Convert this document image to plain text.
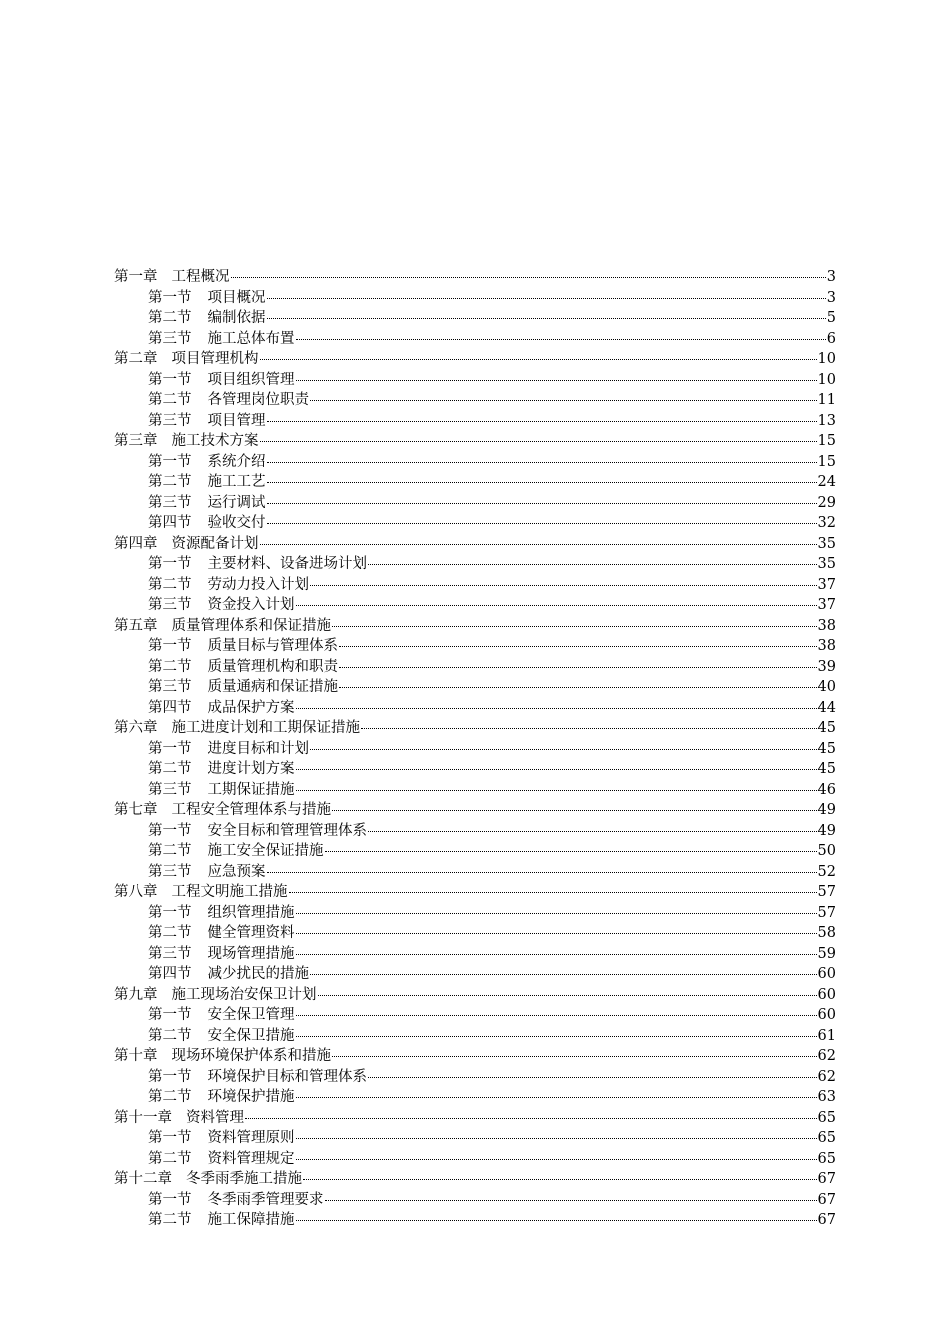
第一章 工程概况	3
第一节 项目概况	3
第二节 编制依据	5
第三节 施工总体布置	6
第二章 项目管理机构	10
第一节 项目组织管理	10
第二节 各管理岗位职责	11
第三节 项目管理	13
第三章 施工技术方案	15
第一节 系统介绍	15
第二节 施工工艺	24
第三节 运行调试	29
第四节 验收交付	32
第四章 资源配备计划	35
第一节 主要材料、设备进场计划	35
第二节 劳动力投入计划	37
第三节 资金投入计划	37
第五章 质量管理体系和保证措施	38
第一节 质量目标与管理体系	38
第二节 质量管理机构和职责	39
第三节 质量通病和保证措施	40
第四节 成品保护方案	44
第六章 施工进度计划和工期保证措施	45
第一节 进度目标和计划	45
第二节 进度计划方案	45
第三节 工期保证措施	46
第七章 工程安全管理体系与措施	49
第一节 安全目标和管理管理体系	49
第二节 施工安全保证措施	50
第三节 应急预案	52
第八章 工程文明施工措施	57
第一节 组织管理措施	57
第二节 健全管理资料	58
第三节 现场管理措施	59
第四节 减少扰民的措施	60
第九章 施工现场治安保卫计划	60
第一节 安全保卫管理	60
第二节 安全保卫措施	61
第十章 现场环境保护体系和措施	62
第一节 环境保护目标和管理体系	62
第二节 环境保护措施	63
第十一章 资料管理	65
第一节 资料管理原则	65
第二节 资料管理规定	65
第十二章 冬季雨季施工措施	67
第一节 冬季雨季管理要求	67
第二节 施工保障措施	67
